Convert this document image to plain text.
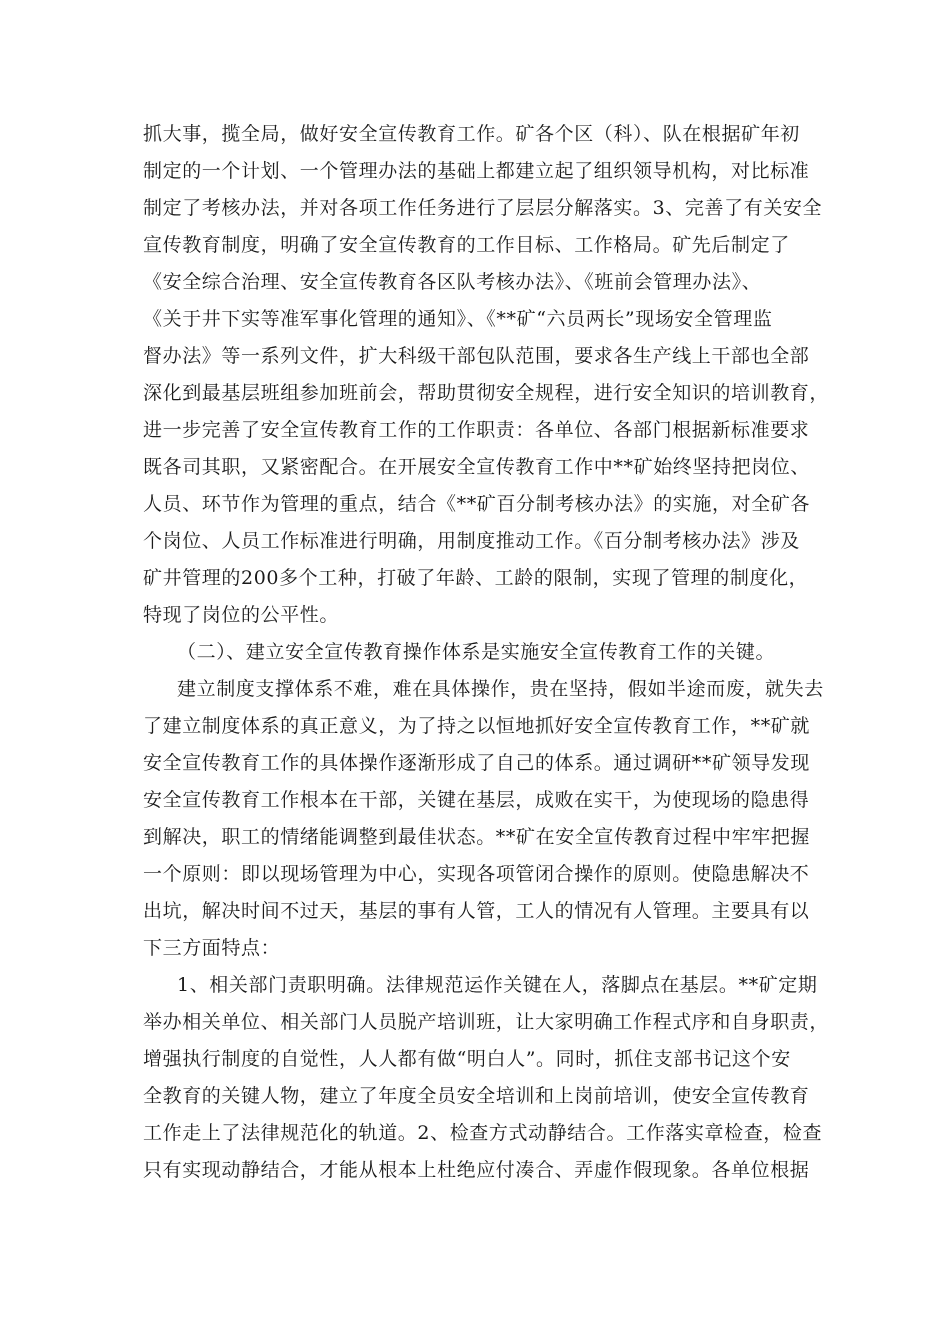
抓大事，揽全局，做好安全宣传教育工作。矿各个区（科）、队在根据矿年初
制定的一个计划、一个管理办法的基础上都建立起了组织领导机构，对比标准
制定了考核办法，并对各项工作任务进行了层层分解落实。3、完善了有关安全
宣传教育制度，明确了安全宣传教育的工作目标、工作格局。矿先后制定了
《安全综合治理、安全宣传教育各区队考核办法》、《班前会管理办法》、
《关于井下实等准军事化管理的通知》、《**矿“六员两长”现场安全管理监
督办法》等一系列文件，扩大科级干部包队范围，要求各生产线上干部也全部
深化到最基层班组参加班前会，帮助贯彻安全规程，进行安全知识的培训教育，
进一步完善了安全宣传教育工作的工作职责：各单位、各部门根据新标准要求
既各司其职，又紧密配合。在开展安全宣传教育工作中**矿始终坚持把岗位、
人员、环节作为管理的重点，结合《**矿百分制考核办法》的实施，对全矿各
个岗位、人员工作标准进行明确，用制度推动工作。《百分制考核办法》涉及
矿井管理的200多个工种，打破了年龄、工龄的限制，实现了管理的制度化，
特现了岗位的公平性。
（二）、建立安全宣传教育操作体系是实施安全宣传教育工作的关键。
建立制度支撑体系不难，难在具体操作，贵在坚持，假如半途而废，就失去
了建立制度体系的真正意义，为了持之以恒地抓好安全宣传教育工作，**矿就
安全宣传教育工作的具体操作逐渐形成了自己的体系。通过调研**矿领导发现
安全宣传教育工作根本在干部，关键在基层，成败在实干，为使现场的隐患得
到解决，职工的情绪能调整到最佳状态。**矿在安全宣传教育过程中牢牢把握
一个原则：即以现场管理为中心，实现各项管闭合操作的原则。使隐患解决不
出坑，解决时间不过天，基层的事有人管，工人的情况有人管理。主要具有以
下三方面特点：
1、相关部门责职明确。法律规范运作关键在人，落脚点在基层。**矿定期
举办相关单位、相关部门人员脱产培训班，让大家明确工作程式序和自身职责，
增强执行制度的自觉性，人人都有做“明白人”。同时，抓住支部书记这个安
全教育的关键人物，建立了年度全员安全培训和上岗前培训，使安全宣传教育
工作走上了法律规范化的轨道。2、检查方式动静结合。工作落实章检查，检查
只有实现动静结合，才能从根本上杜绝应付凑合、弄虚作假现象。各单位根据
